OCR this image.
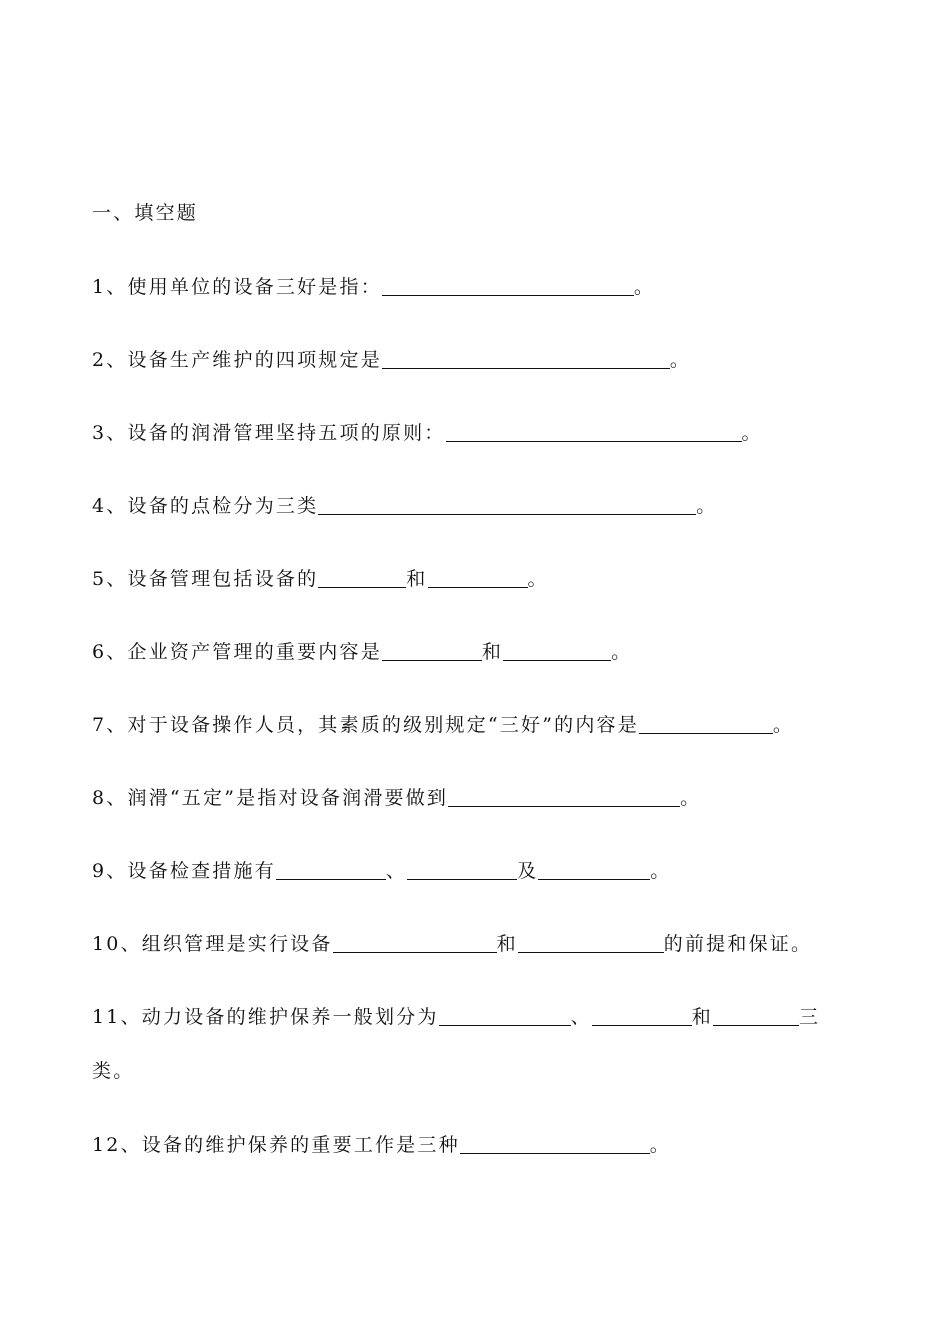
一、填空题
1、使用单位的设备三好是指：	。
2、设备生产维护的四项规定是	。
3、设备的润滑管理坚持五项的原则：	。
4、设备的点检分为三类	。
5、设备管理包括设备的	和	。
6、企业资产管理的重要内容是	和	。
7、对于设备操作人员，其素质的级别规定“三好”的内容是	。
8、润滑“五定”是指对设备润滑要做到	。
9、设备检查措施有	、	及	。
10、组织管理是实行设备	和	的前提和保证。
11、动力设备的维护保养一般划分为	、	和	三
类。
12、设备的维护保养的重要工作是三种	。
